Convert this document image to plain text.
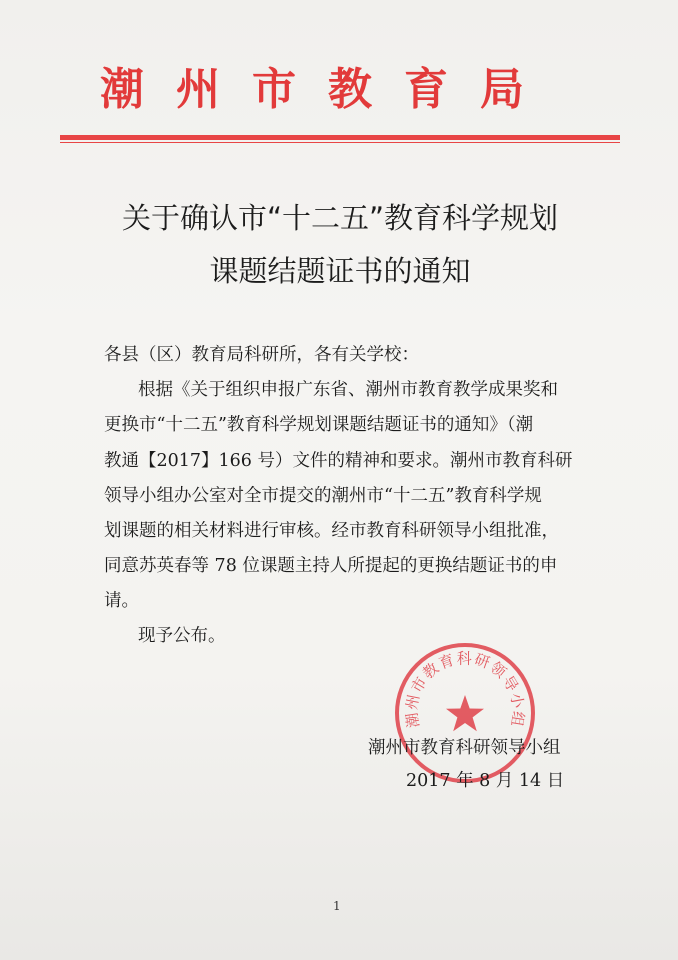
潮州市教育局
关于确认市“十二五”教育科学规划
课题结题证书的通知
各县（区）教育局科研所，各有关学校：
根据《关于组织申报广东省、潮州市教育教学成果奖和
更换市“十二五”教育科学规划课题结题证书的通知》（潮
教通【2017】166 号）文件的精神和要求。潮州市教育科研
领导小组办公室对全市提交的潮州市“十二五”教育科学规
划课题的相关材料进行审核。经市教育科研领导小组批准，
同意苏英春等 78 位课题主持人所提起的更换结题证书的申
请。
现予公布。
潮州市教育科研领导小组
潮州市教育科研领导小组
2017 年 8 月 14 日
1
